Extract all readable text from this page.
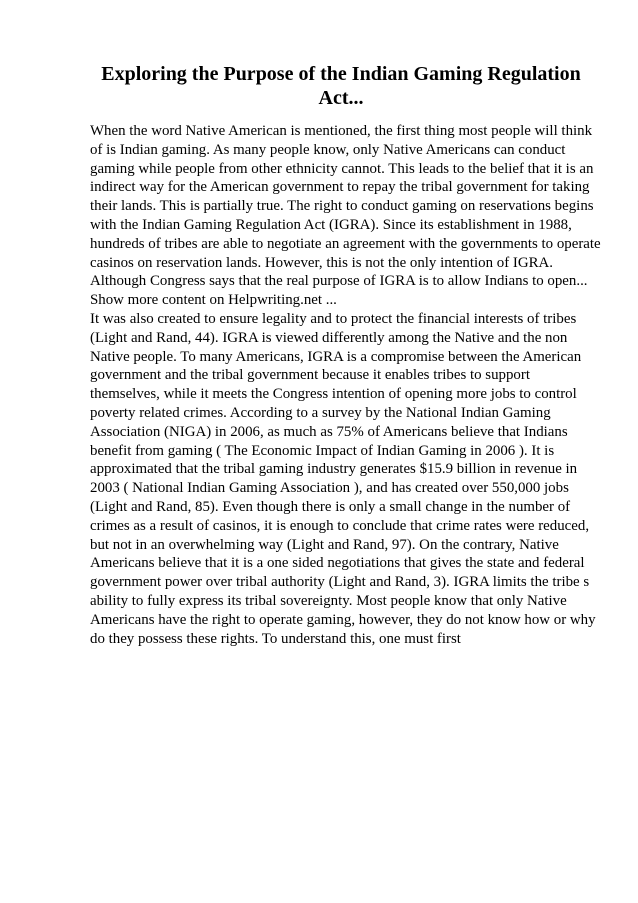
Exploring the Purpose of the Indian Gaming Regulation
Act...
When the word Native American is mentioned, the first thing most people will think
of is Indian gaming. As many people know, only Native Americans can conduct
gaming while people from other ethnicity cannot. This leads to the belief that it is an
indirect way for the American government to repay the tribal government for taking
their lands. This is partially true. The right to conduct gaming on reservations begins
with the Indian Gaming Regulation Act (IGRA). Since its establishment in 1988,
hundreds of tribes are able to negotiate an agreement with the governments to operate
casinos on reservation lands. However, this is not the only intention of IGRA.
Although Congress says that the real purpose of IGRA is to allow Indians to open...
Show more content on Helpwriting.net ...
It was also created to ensure legality and to protect the financial interests of tribes
(Light and Rand, 44). IGRA is viewed differently among the Native and the non
Native people. To many Americans, IGRA is a compromise between the American
government and the tribal government because it enables tribes to support
themselves, while it meets the Congress intention of opening more jobs to control
poverty related crimes. According to a survey by the National Indian Gaming
Association (NIGA) in 2006, as much as 75% of Americans believe that Indians
benefit from gaming ( The Economic Impact of Indian Gaming in 2006 ). It is
approximated that the tribal gaming industry generates $15.9 billion in revenue in
2003 ( National Indian Gaming Association ), and has created over 550,000 jobs
(Light and Rand, 85). Even though there is only a small change in the number of
crimes as a result of casinos, it is enough to conclude that crime rates were reduced,
but not in an overwhelming way (Light and Rand, 97). On the contrary, Native
Americans believe that it is a one sided negotiations that gives the state and federal
government power over tribal authority (Light and Rand, 3). IGRA limits the tribe s
ability to fully express its tribal sovereignty. Most people know that only Native
Americans have the right to operate gaming, however, they do not know how or why
do they possess these rights. To understand this, one must first
